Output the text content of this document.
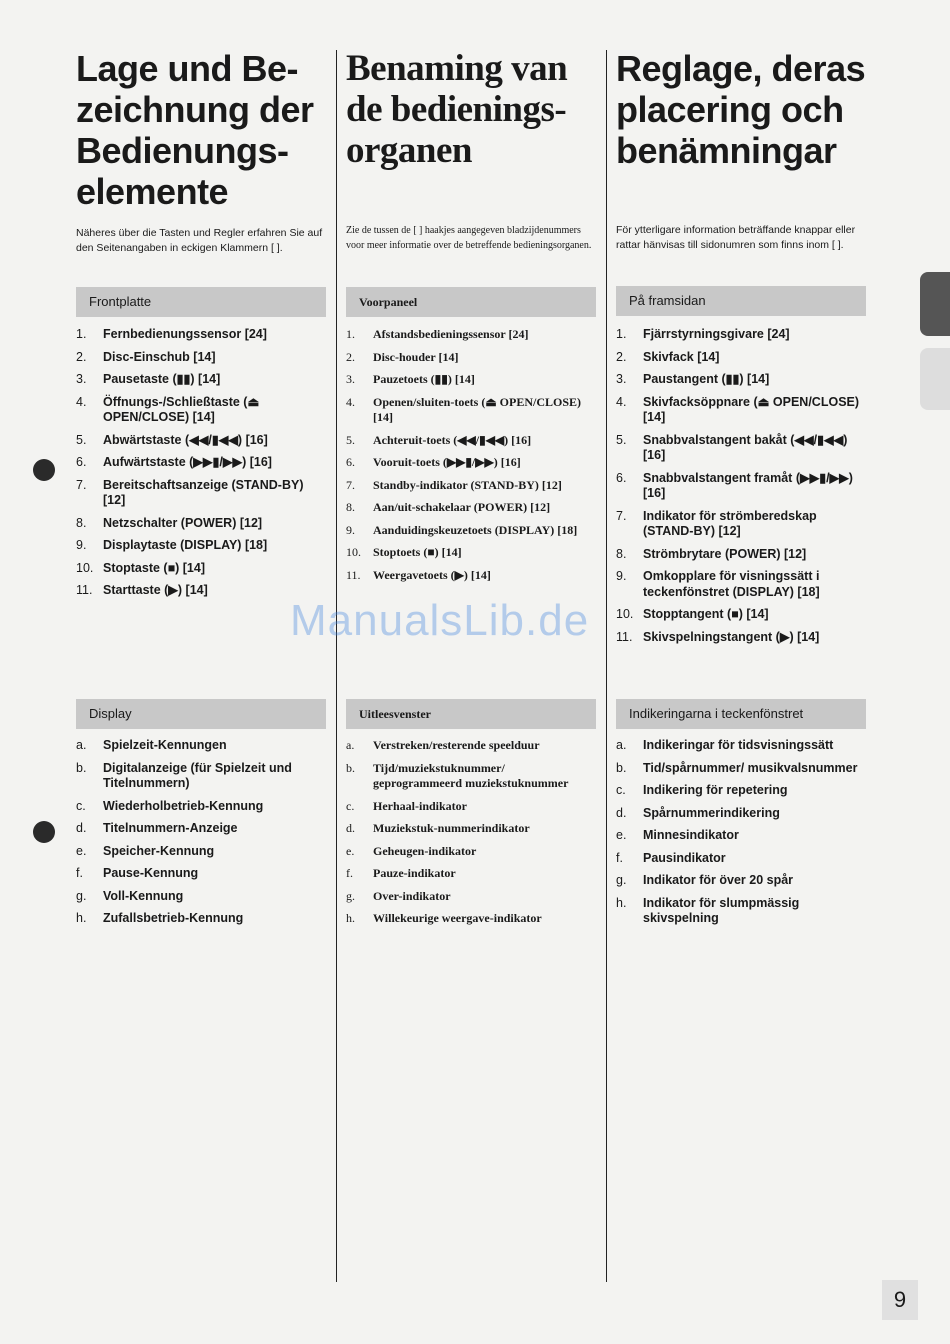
Lage und Be-
zeichnung der
Bedienungs-
elemente

Näheres über die Tasten und Regler erfahren Sie auf den Seitenangaben in eckigen Klammern [ ].

Frontplatte
1. Fernbedienungssensor [24]
2. Disc-Einschub [14]
3. Pausetaste (▮▮) [14]
4. Öffnungs-/Schließtaste (⏏ OPEN/CLOSE) [14]
5. Abwärtstaste (◀◀/▮◀◀) [16]
6. Aufwärtstaste (▶▶▮/▶▶) [16]
7. Bereitschaftsanzeige (STAND-BY) [12]
8. Netzschalter (POWER) [12]
9. Displaytaste (DISPLAY) [18]
10. Stoptaste (■) [14]
11. Starttaste (▶) [14]
Display
a. Spielzeit-Kennungen
b. Digitalanzeige (für Spielzeit und Titelnummern)
c. Wiederholbetrieb-Kennung
d. Titelnummern-Anzeige
e. Speicher-Kennung
f. Pause-Kennung
g. Voll-Kennung
h. Zufallsbetrieb-Kennung
Benaming van
de bedienings-
organen

Zie de tussen de [ ] haakjes aangegeven bladzijdenummers voor meer informatie over de betreffende bedieningsorganen.

Voorpaneel
1. Afstandsbedieningssensor [24]
2. Disc-houder [14]
3. Pauzetoets (▮▮) [14]
4. Openen/sluiten-toets (⏏ OPEN/CLOSE) [14]
5. Achteruit-toets (◀◀/▮◀◀) [16]
6. Vooruit-toets (▶▶▮/▶▶) [16]
7. Standby-indikator (STAND-BY) [12]
8. Aan/uit-schakelaar (POWER) [12]
9. Aanduidingskeuzetoets (DISPLAY) [18]
10. Stoptoets (■) [14]
11. Weergavetoets (▶) [14]
Uitleesvenster
a. Verstreken/resterende speelduur
b. Tijd/muziekstuknummer/ geprogrammeerd muziekstuknummer
c. Herhaal-indikator
d. Muziekstuk-nummerindikator
e. Geheugen-indikator
f. Pauze-indikator
g. Over-indikator
h. Willekeurige weergave-indikator
Reglage, deras
placering och
benämningar

För ytterligare information beträffande knappar eller rattar hänvisas till sidonumren som finns inom [ ].

På framsidan
1. Fjärrstyrningsgivare [24]
2. Skivfack [14]
3. Paustangent (▮▮) [14]
4. Skivfacksöppnare (⏏ OPEN/CLOSE) [14]
5. Snabbvalstangent bakåt (◀◀/▮◀◀) [16]
6. Snabbvalstangent framåt (▶▶▮/▶▶) [16]
7. Indikator för strömberedskap (STAND-BY) [12]
8. Strömbrytare (POWER) [12]
9. Omkopplare för visningssätt i teckenfönstret (DISPLAY) [18]
10. Stopptangent (■) [14]
11. Skivspelningstangent (▶) [14]
Indikeringarna i teckenfönstret
a. Indikeringar för tidsvisningssätt
b. Tid/spårnummer/ musikvalsnummer
c. Indikering för repetering
d. Spårnummerindikering
e. Minnesindikator
f. Pausindikator
g. Indikator för över 20 spår
h. Indikator för slumpmässig skivspelning
ManualsLib.de
9
